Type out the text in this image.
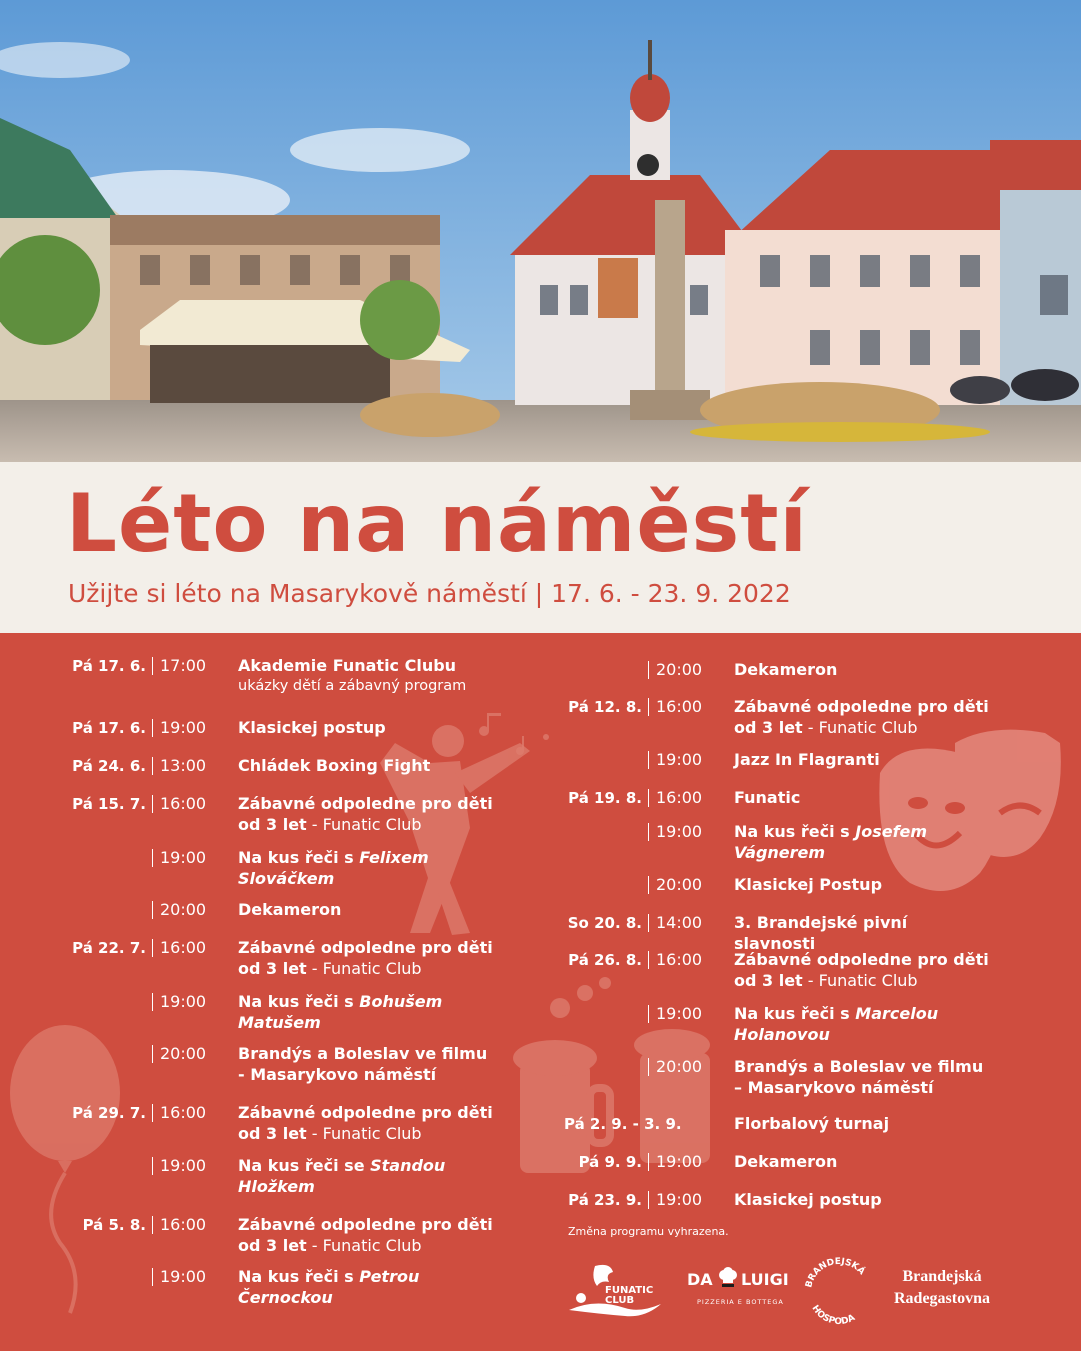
Léto na náměstí

Užijte si léto na Masarykově náměstí | 17. 6. - 23. 9. 2022

Pá 17. 6. 17:00 Akademie Funatic Clubu
ukázky dětí a zábavný program
Pá 17. 6. 19:00 Klasickej postup
Pá 24. 6. 13:00 Chládek Boxing Fight
Pá 15. 7. 16:00 Zábavné odpoledne pro děti od 3 let - Funatic Club
19:00 Na kus řeči s Felixem Slováčkem
20:00 Dekameron
Pá 22. 7. 16:00 Zábavné odpoledne pro děti od 3 let - Funatic Club
19:00 Na kus řeči s Bohušem Matušem
20:00 Brandýs a Boleslav ve filmu - Masarykovo náměstí
Pá 29. 7. 16:00 Zábavné odpoledne pro děti od 3 let - Funatic Club
19:00 Na kus řeči se Standou Hložkem
Pá 5. 8. 16:00 Zábavné odpoledne pro děti od 3 let - Funatic Club
19:00 Na kus řeči s Petrou Černockou
20:00 Dekameron
Pá 12. 8. 16:00 Zábavné odpoledne pro děti od 3 let - Funatic Club
19:00 Jazz In Flagranti
Pá 19. 8. 16:00 Funatic
19:00 Na kus řeči s Josefem Vágnerem
20:00 Klasickej Postup
So 20. 8. 14:00 3. Brandejské pivní slavnosti
Pá 26. 8. 16:00 Zábavné odpoledne pro děti od 3 let - Funatic Club
19:00 Na kus řeči s Marcelou Holanovou
20:00 Brandýs a Boleslav ve filmu – Masarykovo náměstí
Pá 2. 9. - 3. 9.	Florbalový turnaj
Pá 9. 9. 19:00 Dekameron
Pá 23. 9. 19:00 Klasickej postup
Změna programu vyhrazena.
FUNATIC CLUB
DA LUIGI
PIZZERIA E BOTTEGA
BRANDEJSKÁ
HOSPODA
Brandejská Radegastovna
